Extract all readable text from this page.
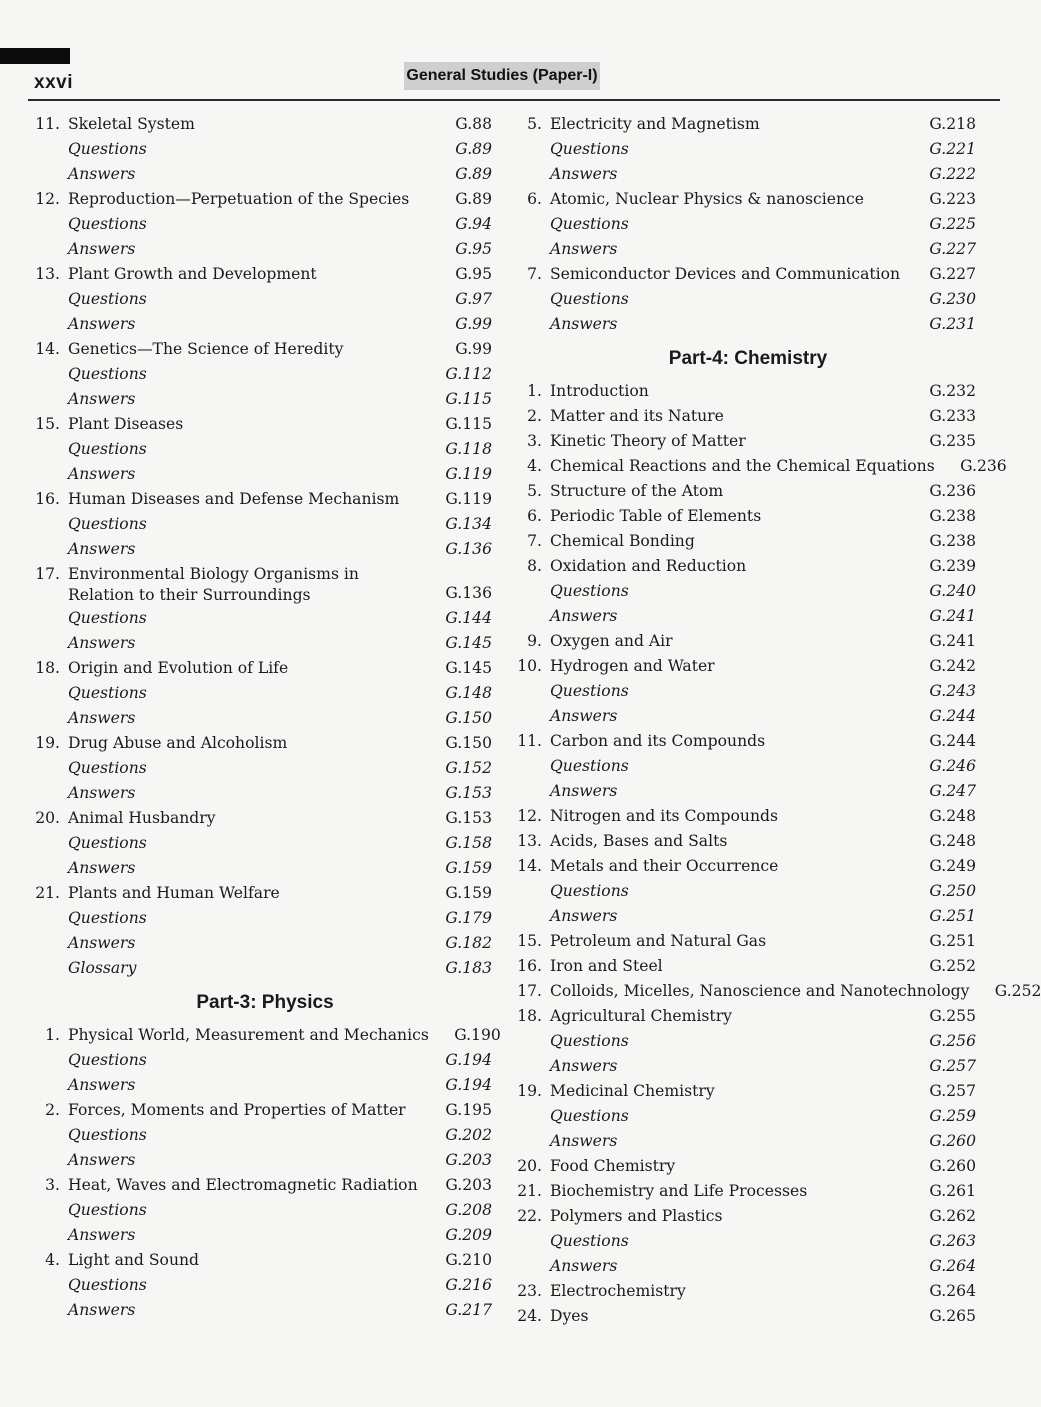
xxvi	General Studies (Paper-I)
11. Skeletal System	G.88
Questions	G.89
Answers	G.89
12. Reproduction—Perpetuation of the Species	G.89
Questions	G.94
Answers	G.95
13. Plant Growth and Development	G.95
Questions	G.97
Answers	G.99
14. Genetics—The Science of Heredity	G.99
Questions	G.112
Answers	G.115
15. Plant Diseases	G.115
Questions	G.118
Answers	G.119
16. Human Diseases and Defense Mechanism	G.119
Questions	G.134
Answers	G.136
17. Environmental Biology Organisms in Relation to their Surroundings	G.136
Questions	G.144
Answers	G.145
18. Origin and Evolution of Life	G.145
Questions	G.148
Answers	G.150
19. Drug Abuse and Alcoholism	G.150
Questions	G.152
Answers	G.153
20. Animal Husbandry	G.153
Questions	G.158
Answers	G.159
21. Plants and Human Welfare	G.159
Questions	G.179
Answers	G.182
Glossary	G.183
Part-3: Physics
1. Physical World, Measurement and Mechanics	G.190
Questions	G.194
Answers	G.194
2. Forces, Moments and Properties of Matter	G.195
Questions	G.202
Answers	G.203
3. Heat, Waves and Electromagnetic Radiation	G.203
Questions	G.208
Answers	G.209
4. Light and Sound	G.210
Questions	G.216
Answers	G.217
5. Electricity and Magnetism	G.218
Questions	G.221
Answers	G.222
6. Atomic, Nuclear Physics & nanoscience	G.223
Questions	G.225
Answers	G.227
7. Semiconductor Devices and Communication	G.227
Questions	G.230
Answers	G.231
Part-4: Chemistry
1. Introduction	G.232
2. Matter and its Nature	G.233
3. Kinetic Theory of Matter	G.235
4. Chemical Reactions and the Chemical Equations	G.236
5. Structure of the Atom	G.236
6. Periodic Table of Elements	G.238
7. Chemical Bonding	G.238
8. Oxidation and Reduction	G.239
Questions	G.240
Answers	G.241
9. Oxygen and Air	G.241
10. Hydrogen and Water	G.242
Questions	G.243
Answers	G.244
11. Carbon and its Compounds	G.244
Questions	G.246
Answers	G.247
12. Nitrogen and its Compounds	G.248
13. Acids, Bases and Salts	G.248
14. Metals and their Occurrence	G.249
Questions	G.250
Answers	G.251
15. Petroleum and Natural Gas	G.251
16. Iron and Steel	G.252
17. Colloids, Micelles, Nanoscience and Nanotechnology	G.252
18. Agricultural Chemistry	G.255
Questions	G.256
Answers	G.257
19. Medicinal Chemistry	G.257
Questions	G.259
Answers	G.260
20. Food Chemistry	G.260
21. Biochemistry and Life Processes	G.261
22. Polymers and Plastics	G.262
Questions	G.263
Answers	G.264
23. Electrochemistry	G.264
24. Dyes	G.265
